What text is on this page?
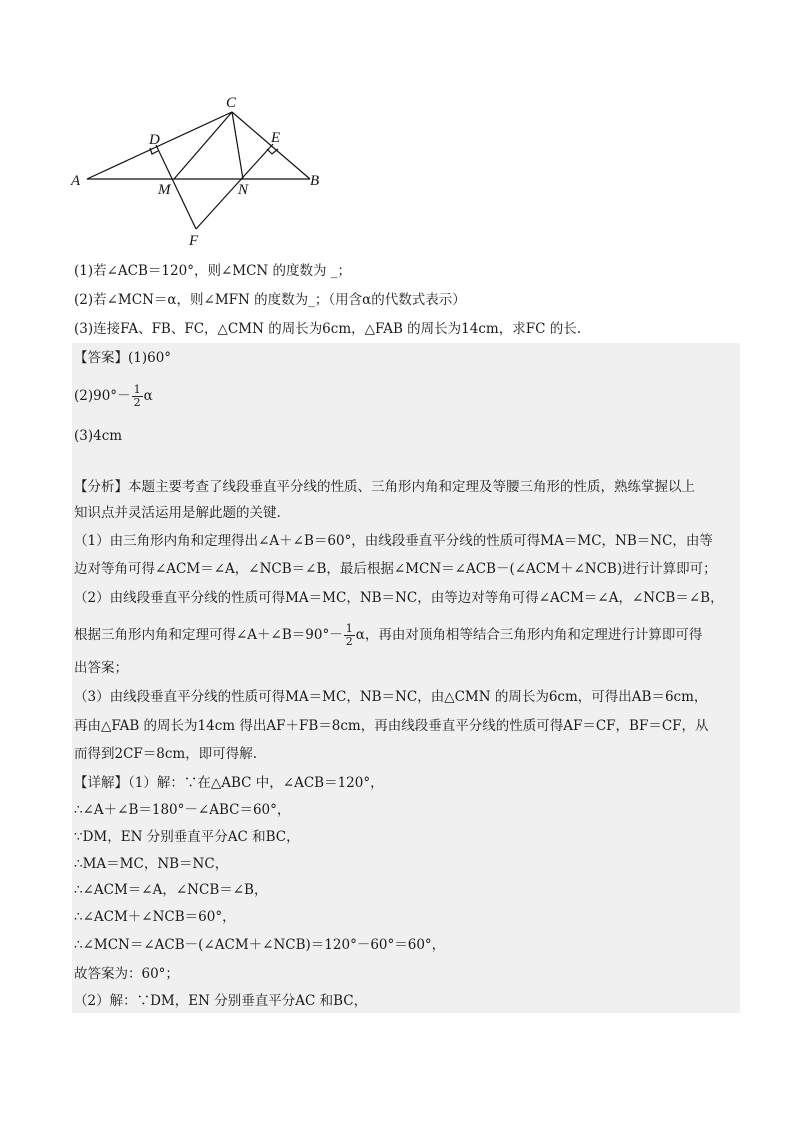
C
D	E
A
M	N
B
F
(1)若∠ACB＝120°，则∠MCN 的度数为 _；
(2)若∠MCN＝α，则∠MFN 的度数为_；（用含α的代数式表示）
(3)连接FA、FB、FC，△CMN 的周长为6cm，△FAB 的周长为14cm，求FC 的长.
【答案】(1)60°
$(2)90^\circ- \frac{1}{2}$ α
(3)4cm
【分析】本题主要考查了线段垂直平分线的性质、三角形内角和定理及等腰三角形的性质，熟练掌握以上
知识点并灵活运用是解此题的关键.
（1）由三角形内角和定理得出∠A＋∠B＝60°，由线段垂直平分线的性质可得MA＝MC，NB＝NC，由等
边对等角可得∠ACM＝∠A，∠NCB＝∠B，最后根据∠MCN＝∠ACB－(∠ACM＋∠NCB)进行计算即可；
（2）由线段垂直平分线的性质可得MA＝MC，NB＝NC，由等边对等角可得∠ACM＝∠A，∠NCB＝∠B，
根据三角形内角和定理可得∠A＋∠B＝90°－ $\frac{1}{2}$ α，再由对顶角相等结合三角形内角和定理进行计算即可得
出答案；
（3）由线段垂直平分线的性质可得MA＝MC，NB＝NC，由△CMN 的周长为6cm，可得出AB＝6cm，
再由△FAB 的周长为14cm 得出AF＋FB＝8cm，再由线段垂直平分线的性质可得AF＝CF，BF＝CF，从
而得到2CF＝8cm，即可得解.
【详解】（1）解：∵在△ABC 中，∠ACB＝120°，
∴∠A＋∠B＝180°－∠ABC＝60°，
∵DM，EN 分别垂直平分AC 和BC，
∴MA＝MC，NB＝NC，
∴∠ACM＝∠A，∠NCB＝∠B，
∴∠ACM＋∠NCB＝60°，
∴∠MCN＝∠ACB－(∠ACM＋∠NCB)＝120°－60°＝60°，
故答案为：60°；
（2）解：∵DM，EN 分别垂直平分AC 和BC，
